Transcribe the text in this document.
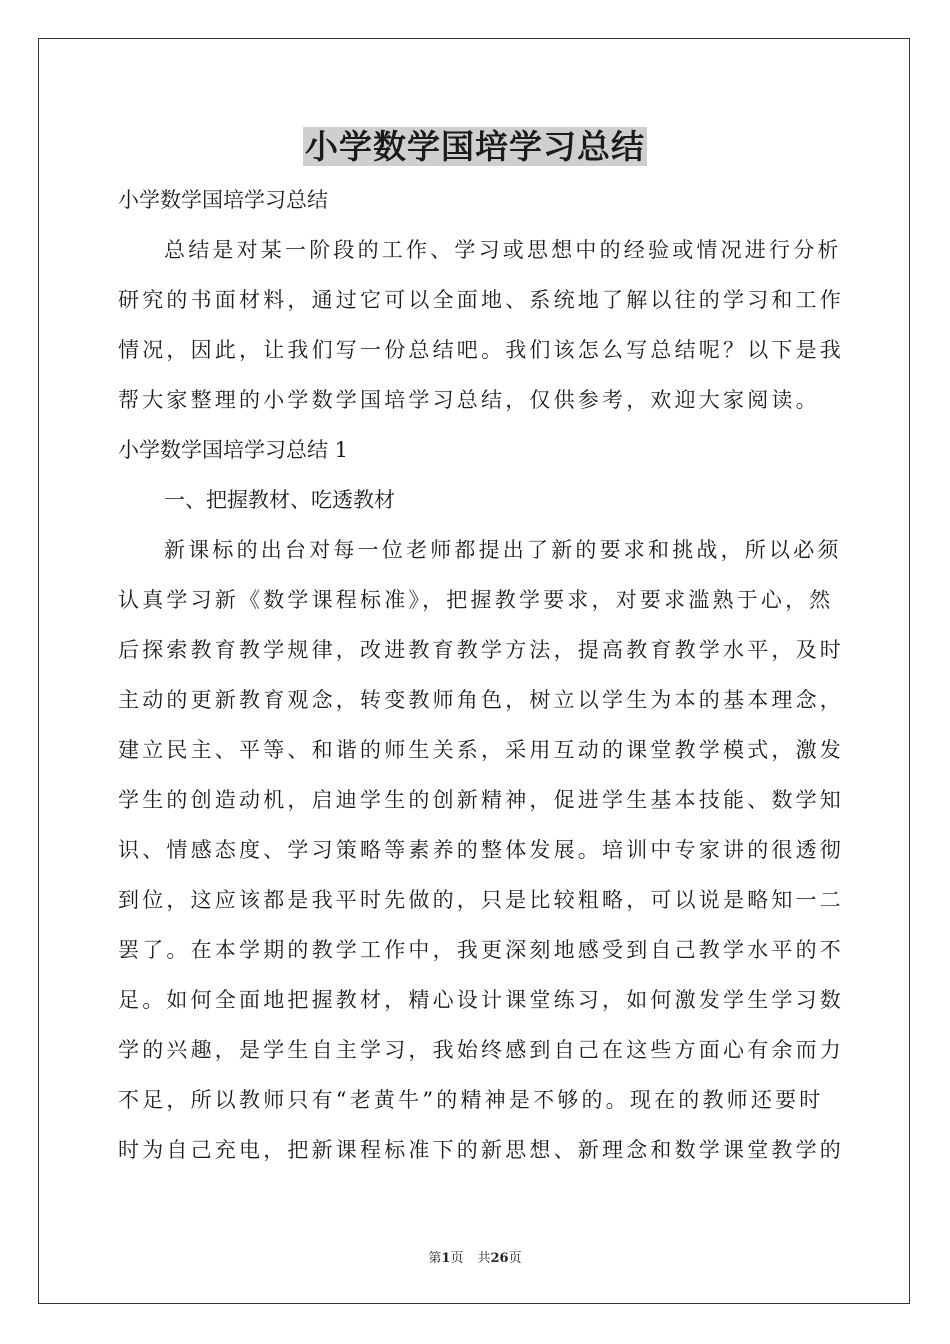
小学数学国培学习总结
小学数学国培学习总结
总结是对某一阶段的工作、学习或思想中的经验或情况进行分析
研究的书面材料，通过它可以全面地、系统地了解以往的学习和工作
情况，因此，让我们写一份总结吧。我们该怎么写总结呢？以下是我
帮大家整理的小学数学国培学习总结，仅供参考，欢迎大家阅读。
小学数学国培学习总结 1
一、把握教材、吃透教材
新课标的出台对每一位老师都提出了新的要求和挑战，所以必须
认真学习新《数学课程标准》，把握教学要求，对要求滥熟于心，然
后探索教育教学规律，改进教育教学方法，提高教育教学水平，及时
主动的更新教育观念，转变教师角色，树立以学生为本的基本理念，
建立民主、平等、和谐的师生关系，采用互动的课堂教学模式，激发
学生的创造动机，启迪学生的创新精神，促进学生基本技能、数学知
识、情感态度、学习策略等素养的整体发展。培训中专家讲的很透彻
到位，这应该都是我平时先做的，只是比较粗略，可以说是略知一二
罢了。在本学期的教学工作中，我更深刻地感受到自己教学水平的不
足。如何全面地把握教材，精心设计课堂练习，如何激发学生学习数
学的兴趣，是学生自主学习，我始终感到自己在这些方面心有余而力
不足，所以教师只有“老黄牛”的精神是不够的。现在的教师还要时
时为自己充电，把新课程标准下的新思想、新理念和数学课堂教学的
第1页 共26页
